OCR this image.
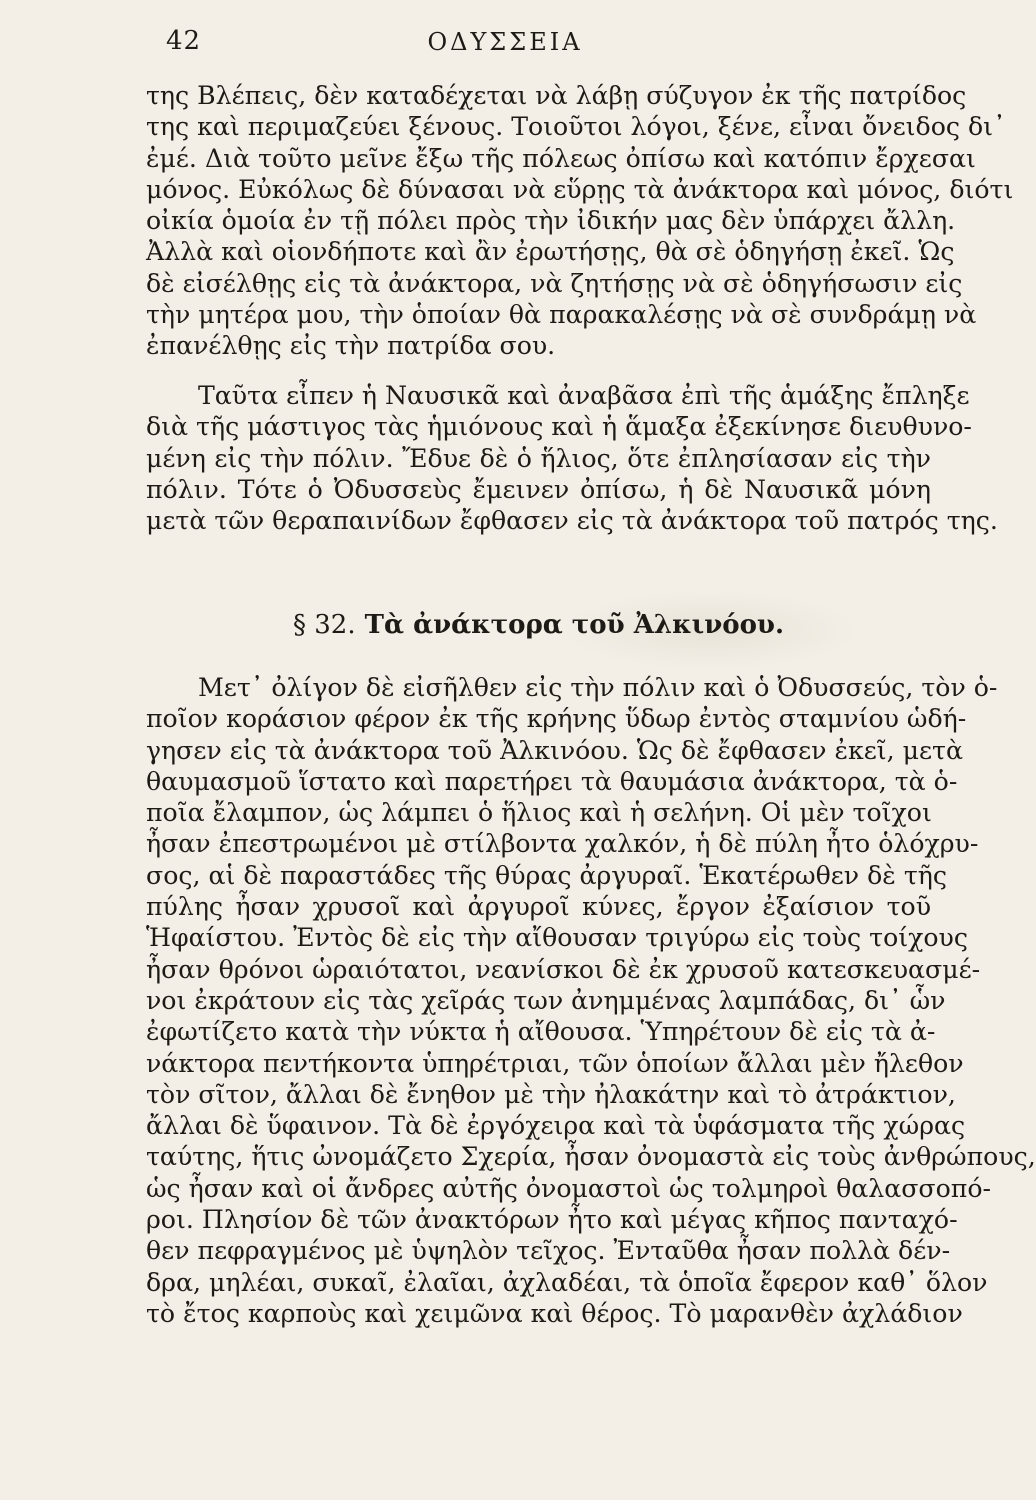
42	ΟΔΥΣΣΕΙΑ
της Βλέπεις, δὲν καταδέχεται νὰ λάβῃ σύζυγον ἐκ τῆς πατρίδος
της καὶ περιμαζεύει ξένους. Τοιοῦτοι λόγοι, ξένε, εἶναι ὄνειδος δι᾽
ἐμέ. Διὰ τοῦτο μεῖνε ἔξω τῆς πόλεως ὀπίσω καὶ κατόπιν ἔρχεσαι
μόνος. Εὐκόλως δὲ δύνασαι νὰ εὕρῃς τὰ ἀνάκτορα καὶ μόνος, διότι
οἰκία ὁμοία ἐν τῇ πόλει πρὸς τὴν ἰδικήν μας δὲν ὑπάρχει ἄλλη.
Ἀλλὰ καὶ οἱονδήποτε καὶ ἂν ἐρωτήσῃς, θὰ σὲ ὁδηγήσῃ ἐκεῖ. Ὡς
δὲ εἰσέλθῃς εἰς τὰ ἀνάκτορα, νὰ ζητήσῃς νὰ σὲ ὁδηγήσωσιν εἰς
τὴν μητέρα μου, τὴν ὁποίαν θὰ παρακαλέσῃς νὰ σὲ συνδράμῃ νὰ
ἐπανέλθῃς εἰς τὴν πατρίδα σου.
Ταῦτα εἶπεν ἡ Ναυσικᾶ καὶ ἀναβᾶσα ἐπὶ τῆς ἁμάξης ἔπληξε
διὰ τῆς μάστιγος τὰς ἡμιόνους καὶ ἡ ἅμαξα ἐξεκίνησε διευθυνο-
μένη εἰς τὴν πόλιν. Ἔδυε δὲ ὁ ἥλιος, ὅτε ἐπλησίασαν εἰς τὴν
πόλιν. Τότε ὁ Ὀδυσσεὺς ἔμεινεν ὀπίσω, ἡ δὲ Ναυσικᾶ μόνη
μετὰ τῶν θεραπαινίδων ἔφθασεν εἰς τὰ ἀνάκτορα τοῦ πατρός της.
§ 32. Τὰ ἀνάκτορα τοῦ Ἀλκινόου.
Μετ᾽ ὀλίγον δὲ εἰσῆλθεν εἰς τὴν πόλιν καὶ ὁ Ὀδυσσεύς, τὸν ὁ-
ποῖον κοράσιον φέρον ἐκ τῆς κρήνης ὕδωρ ἐντὸς σταμνίου ὡδή-
γησεν εἰς τὰ ἀνάκτορα τοῦ Ἀλκινόου. Ὡς δὲ ἔφθασεν ἐκεῖ, μετὰ
θαυμασμοῦ ἵστατο καὶ παρετήρει τὰ θαυμάσια ἀνάκτορα, τὰ ὁ-
ποῖα ἔλαμπον, ὡς λάμπει ὁ ἥλιος καὶ ἡ σελήνη. Οἱ μὲν τοῖχοι
ἦσαν ἐπεστρωμένοι μὲ στίλβοντα χαλκόν, ἡ δὲ πύλη ἦτο ὁλόχρυ-
σος, αἱ δὲ παραστάδες τῆς θύρας ἀργυραῖ. Ἑκατέρωθεν δὲ τῆς
πύλης ἦσαν χρυσοῖ καὶ ἀργυροῖ κύνες, ἔργον ἐξαίσιον τοῦ
Ἡφαίστου. Ἐντὸς δὲ εἰς τὴν αἴθουσαν τριγύρω εἰς τοὺς τοίχους
ἦσαν θρόνοι ὡραιότατοι, νεανίσκοι δὲ ἐκ χρυσοῦ κατεσκευασμέ-
νοι ἐκράτουν εἰς τὰς χεῖράς των ἀνημμένας λαμπάδας, δι᾽ ὧν
ἐφωτίζετο κατὰ τὴν νύκτα ἡ αἴθουσα. Ὑπηρέτουν δὲ εἰς τὰ ἀ-
νάκτορα πεντήκοντα ὑπηρέτριαι, τῶν ὁποίων ἄλλαι μὲν ἤλεθον
τὸν σῖτον, ἄλλαι δὲ ἔνηθον μὲ τὴν ἠλακάτην καὶ τὸ ἀτράκτιον,
ἄλλαι δὲ ὕφαινον. Τὰ δὲ ἐργόχειρα καὶ τὰ ὑφάσματα τῆς χώρας
ταύτης, ἥτις ὠνομάζετο Σχερία, ἦσαν ὀνομαστὰ εἰς τοὺς ἀνθρώπους,
ὡς ἦσαν καὶ οἱ ἄνδρες αὐτῆς ὀνομαστοὶ ὡς τολμηροὶ θαλασσοπό-
ροι. Πλησίον δὲ τῶν ἀνακτόρων ἦτο καὶ μέγας κῆπος πανταχό-
θεν πεφραγμένος μὲ ὑψηλὸν τεῖχος. Ἐνταῦθα ἦσαν πολλὰ δέν-
δρα, μηλέαι, συκαῖ, ἐλαῖαι, ἀχλαδέαι, τὰ ὁποῖα ἔφερον καθ᾽ ὅλον
τὸ ἔτος καρποὺς καὶ χειμῶνα καὶ θέρος. Τὸ μαρανθὲν ἀχλάδιον
